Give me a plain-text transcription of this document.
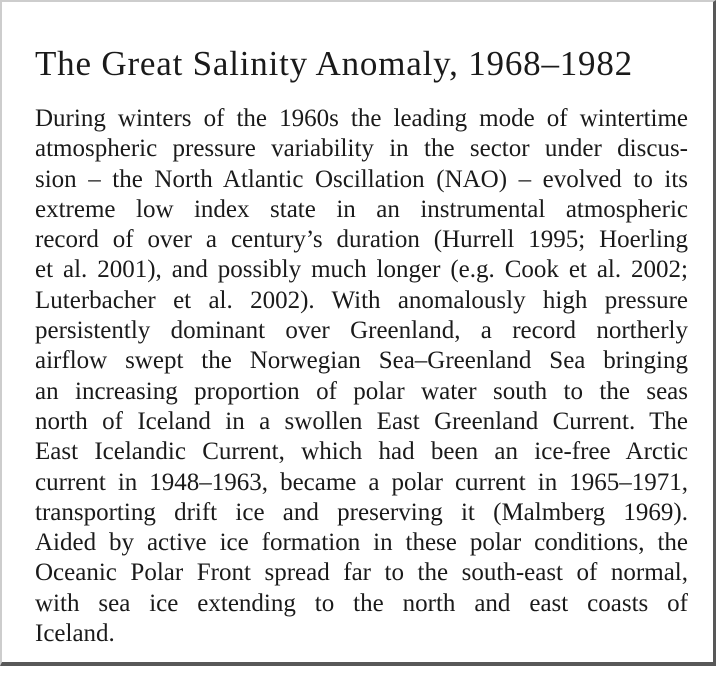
The Great Salinity Anomaly, 1968–1982
During winters of the 1960s the leading mode of wintertime
atmospheric pressure variability in the sector under discus-
sion – the North Atlantic Oscillation (NAO) – evolved to its
extreme low index state in an instrumental atmospheric
record of over a century’s duration (Hurrell 1995; Hoerling
et al. 2001), and possibly much longer (e.g. Cook et al. 2002;
Luterbacher et al. 2002). With anomalously high pressure
persistently dominant over Greenland, a record northerly
airflow swept the Norwegian Sea–Greenland Sea bringing
an increasing proportion of polar water south to the seas
north of Iceland in a swollen East Greenland Current. The
East Icelandic Current, which had been an ice-free Arctic
current in 1948–1963, became a polar current in 1965–1971,
transporting drift ice and preserving it (Malmberg 1969).
Aided by active ice formation in these polar conditions, the
Oceanic Polar Front spread far to the south-east of normal,
with sea ice extending to the north and east coasts of
Iceland.
